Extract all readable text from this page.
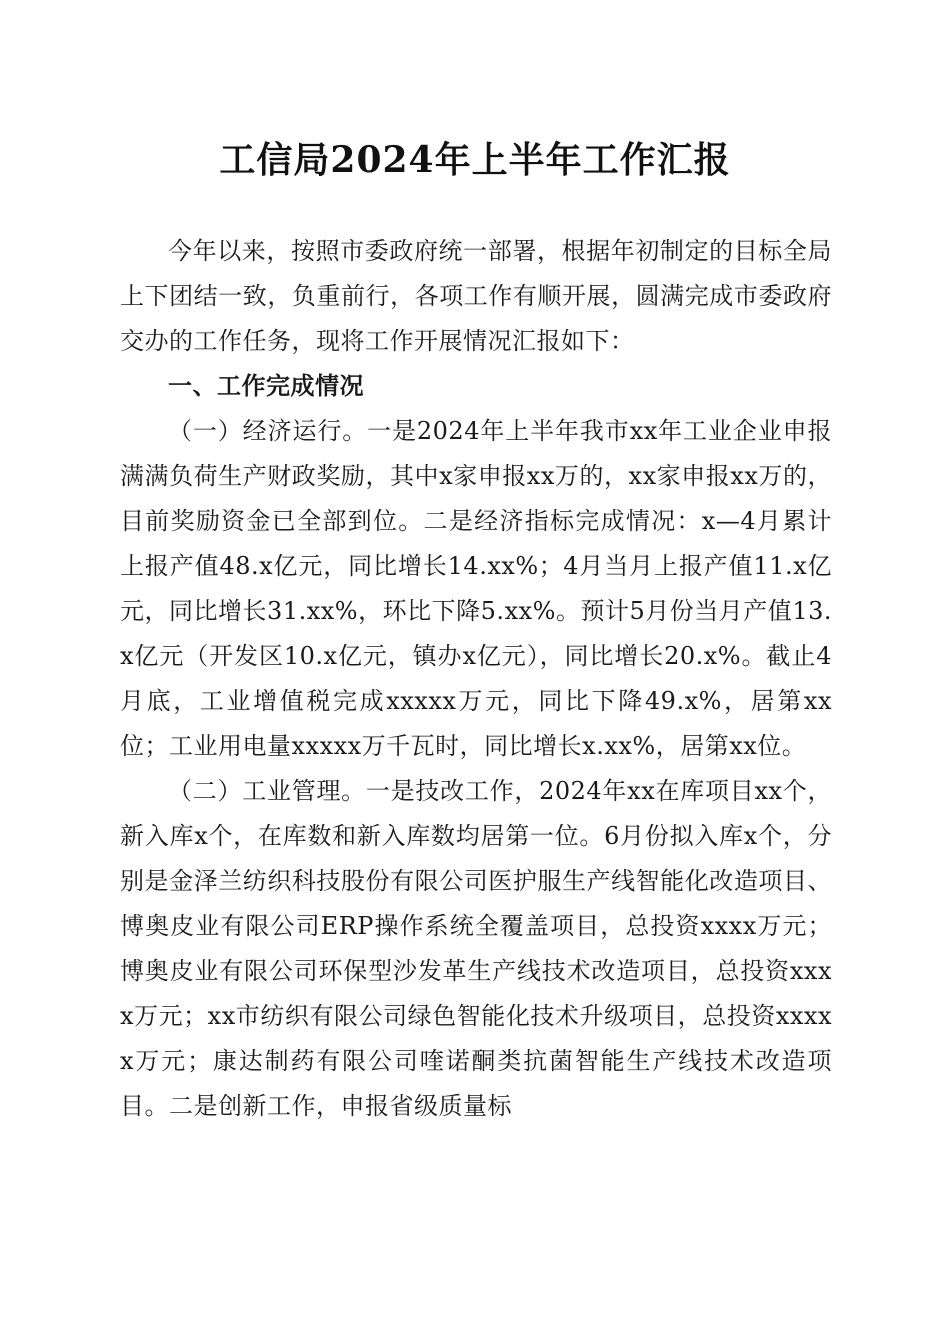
工信局2024年上半年工作汇报

今年以来，按照市委政府统一部署，根据年初制定的目标全局上下团结一致，负重前行，各项工作有顺开展，圆满完成市委政府交办的工作任务，现将工作开展情况汇报如下：

一、工作完成情况

（一）经济运行。一是2024年上半年我市xx年工业企业申报满满负荷生产财政奖励，其中x家申报xx万的，xx家申报xx万的，目前奖励资金已全部到位。二是经济指标完成情况：x—4月累计上报产值48.x亿元，同比增长14.xx%；4月当月上报产值11.x亿元，同比增长31.xx%，环比下降5.xx%。预计5月份当月产值13.x亿元（开发区10.x亿元，镇办x亿元），同比增长20.x%。截止4月底，工业增值税完成xxxxx万元，同比下降49.x%，居第xx位；工业用电量xxxxx万千瓦时，同比增长x.xx%，居第xx位。

（二）工业管理。一是技改工作，2024年xx在库项目xx个，新入库x个，在库数和新入库数均居第一位。6月份拟入库x个，分别是金泽兰纺织科技股份有限公司医护服生产线智能化改造项目、博奥皮业有限公司ERP操作系统全覆盖项目，总投资xxxx万元；博奥皮业有限公司环保型沙发革生产线技术改造项目，总投资xxxx万元；xx市纺织有限公司绿色智能化技术升级项目，总投资xxxxx万元；康达制药有限公司喹诺酮类抗菌智能生产线技术改造项目。二是创新工作，申报省级质量标
